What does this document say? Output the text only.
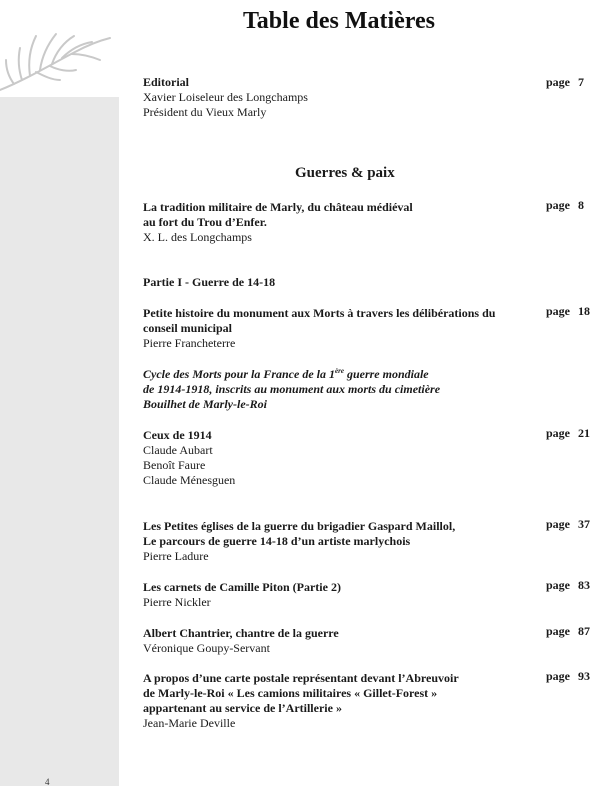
Table des Matières
Editorial
Xavier Loiseleur des Longchamps
Président du Vieux Marly
page 7
Guerres & paix
La tradition militaire de Marly, du château médiéval
au fort du Trou d’Enfer.
X. L. des Longchamps
page 8
Partie I - Guerre de 14-18
Petite histoire du monument aux Morts à travers les délibérations du
conseil municipal
Pierre Francheterre
page 18
Cycle des Morts pour la France de la 1ère guerre mondiale
de 1914-1918, inscrits au monument aux morts du cimetière
Bouilhet de Marly-le-Roi
Ceux de 1914
Claude Aubart
Benoît Faure
Claude Ménesguen
page 21
Les Petites églises de la guerre du brigadier Gaspard Maillol,
Le parcours de guerre 14-18 d’un artiste marlychois
Pierre Ladure
page 37
Les carnets de Camille Piton (Partie 2)
Pierre Nickler
page 83
Albert Chantrier, chantre de la guerre
Véronique Goupy-Servant
page 87
A propos d’une carte postale représentant devant l’Abreuvoir
de Marly-le-Roi « Les camions militaires « Gillet-Forest »
appartenant au service de l’Artillerie »
Jean-Marie Deville
page 93
4
